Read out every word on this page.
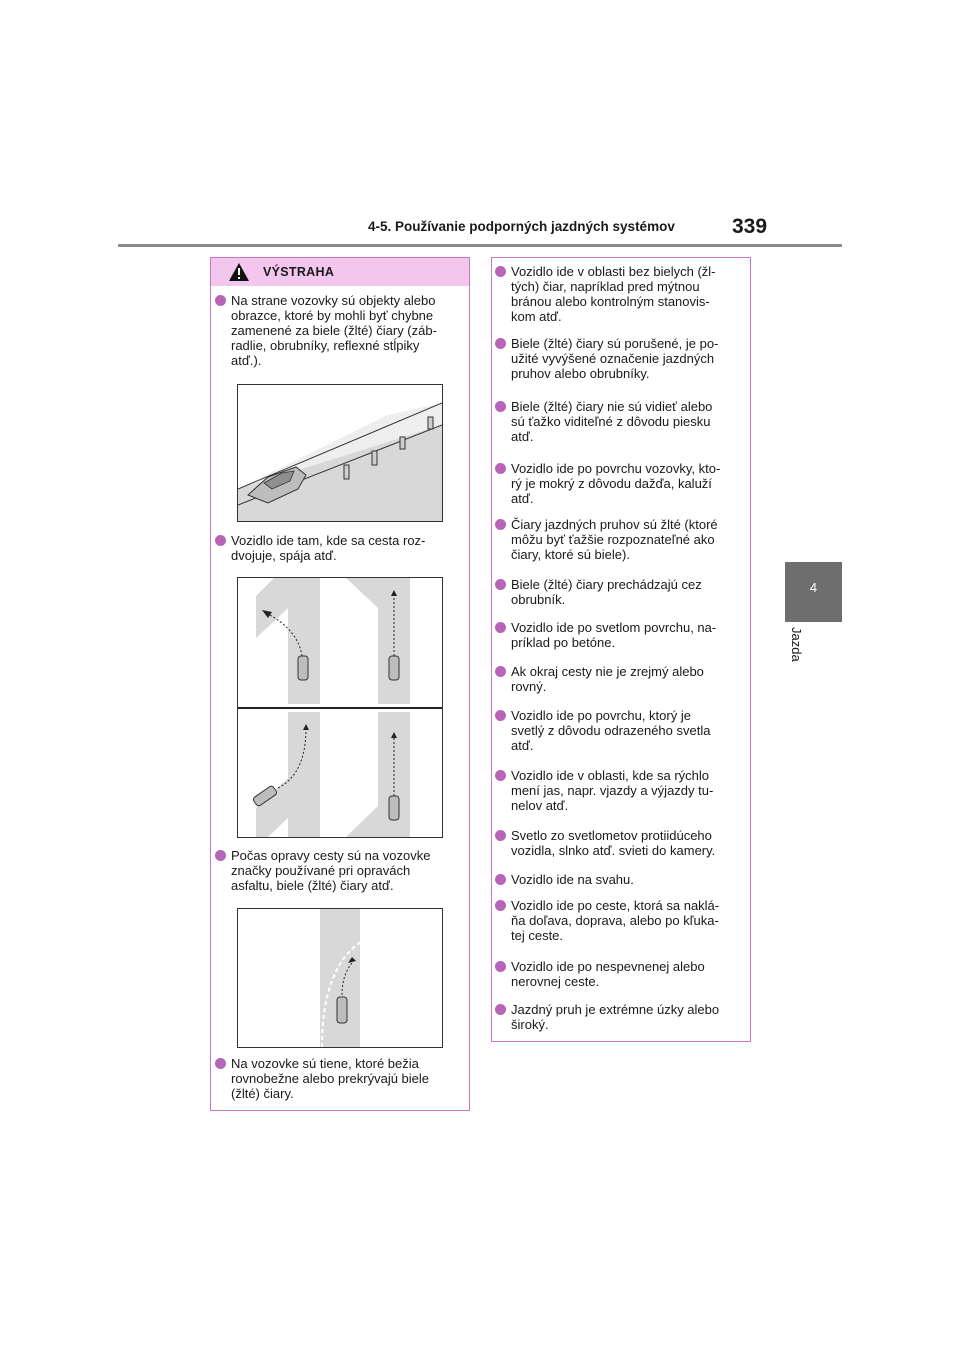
4-5. Používanie podporných jazdných systémov	339
4
Jazda
VÝSTRAHA
Na strane vozovky sú objekty alebo
obrazce, ktoré by mohli byť chybne
zamenené za biele (žlté) čiary (záb-
radlie, obrubníky, reflexné stĺpiky
atď.).
Vozidlo ide tam, kde sa cesta roz-
dvojuje, spája atď.
Počas opravy cesty sú na vozovke
značky používané pri opravách
asfaltu, biele (žlté) čiary atď.
Na vozovke sú tiene, ktoré bežia
rovnobežne alebo prekrývajú biele
(žlté) čiary.
Vozidlo ide v oblasti bez bielych (žl-
tých) čiar, napríklad pred mýtnou
bránou alebo kontrolným stanovis-
kom atď.
Biele (žlté) čiary sú porušené, je po-
užité vyvýšené označenie jazdných
pruhov alebo obrubníky.
Biele (žlté) čiary nie sú vidieť alebo
sú ťažko viditeľné z dôvodu piesku
atď.
Vozidlo ide po povrchu vozovky, kto-
rý je mokrý z dôvodu dažďa, kaluží
atď.
Čiary jazdných pruhov sú žlté (ktoré
môžu byť ťažšie rozpoznateľné ako
čiary, ktoré sú biele).
Biele (žlté) čiary prechádzajú cez
obrubník.
Vozidlo ide po svetlom povrchu, na-
príklad po betóne.
Ak okraj cesty nie je zrejmý alebo
rovný.
Vozidlo ide po povrchu, ktorý je
svetlý z dôvodu odrazeného svetla
atď.
Vozidlo ide v oblasti, kde sa rýchlo
mení jas, napr. vjazdy a výjazdy tu-
nelov atď.
Svetlo zo svetlometov protiidúceho
vozidla, slnko atď. svieti do kamery.
Vozidlo ide na svahu.
Vozidlo ide po ceste, ktorá sa naklá-
ňa doľava, doprava, alebo po kľuka-
tej ceste.
Vozidlo ide po nespevnenej alebo
nerovnej ceste.
Jazdný pruh je extrémne úzky alebo
široký.
